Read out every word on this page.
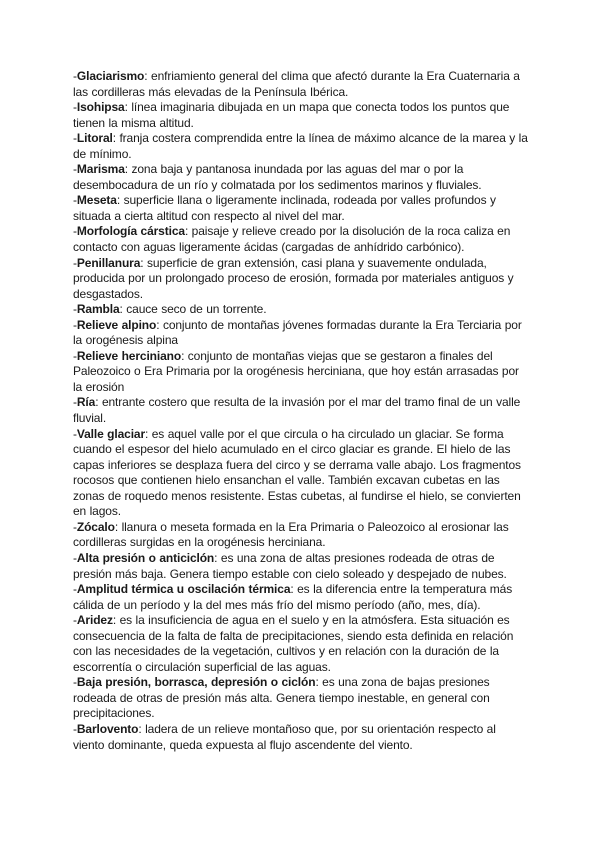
-Glaciarismo: enfriamiento general del clima que afectó durante la Era Cuaternaria a las cordilleras más elevadas de la Península Ibérica.

-Isohipsa: línea imaginaria dibujada en un mapa que conecta todos los puntos que tienen la misma altitud.

-Litoral: franja costera comprendida entre la línea de máximo alcance de la marea y la de mínimo.

-Marisma: zona baja y pantanosa inundada por las aguas del mar o por la desembocadura de un río y colmatada por los sedimentos marinos y fluviales.

-Meseta: superficie llana o ligeramente inclinada, rodeada por valles profundos y situada a cierta altitud con respecto al nivel del mar.

-Morfología cárstica: paisaje y relieve creado por la disolución de la roca caliza en contacto con aguas ligeramente ácidas (cargadas de anhídrido carbónico).

-Penillanura: superficie de gran extensión, casi plana y suavemente ondulada, producida por un prolongado proceso de erosión, formada por materiales antiguos y desgastados.

-Rambla: cauce seco de un torrente.

-Relieve alpino: conjunto de montañas jóvenes formadas durante la Era Terciaria por la orogénesis alpina

-Relieve herciniano: conjunto de montañas viejas que se gestaron a finales del Paleozoico o Era Primaria por la orogénesis herciniana, que hoy están arrasadas por la erosión

-Ría: entrante costero que resulta de la invasión por el mar del tramo final de un valle fluvial.

-Valle glaciar: es aquel valle por el que circula o ha circulado un glaciar. Se forma cuando el espesor del hielo acumulado en el circo glaciar es grande. El hielo de las capas inferiores se desplaza fuera del circo y se derrama valle abajo. Los fragmentos rocosos que contienen hielo ensanchan el valle. También excavan cubetas en las zonas de roquedo menos resistente. Estas cubetas, al fundirse el hielo, se convierten en lagos.

-Zócalo: llanura o meseta formada en la Era Primaria o Paleozoico al erosionar las cordilleras surgidas en la orogénesis herciniana.

-Alta presión o anticiclón: es una zona de altas presiones rodeada de otras de presión más baja. Genera tiempo estable con cielo soleado y despejado de nubes.

-Amplitud térmica u oscilación térmica: es la diferencia entre la temperatura más cálida de un período y la del mes más frío del mismo período (año, mes, día).

-Aridez: es la insuficiencia de agua en el suelo y en la atmósfera. Esta situación es consecuencia de la falta de falta de precipitaciones, siendo esta definida en relación con las necesidades de la vegetación, cultivos y en relación con la duración de la escorrentía o circulación superficial de las aguas.

-Baja presión, borrasca, depresión o ciclón: es una zona de bajas presiones rodeada de otras de presión más alta. Genera tiempo inestable, en general con precipitaciones.

-Barlovento: ladera de un relieve montañoso que, por su orientación respecto al viento dominante, queda expuesta al flujo ascendente del viento.
